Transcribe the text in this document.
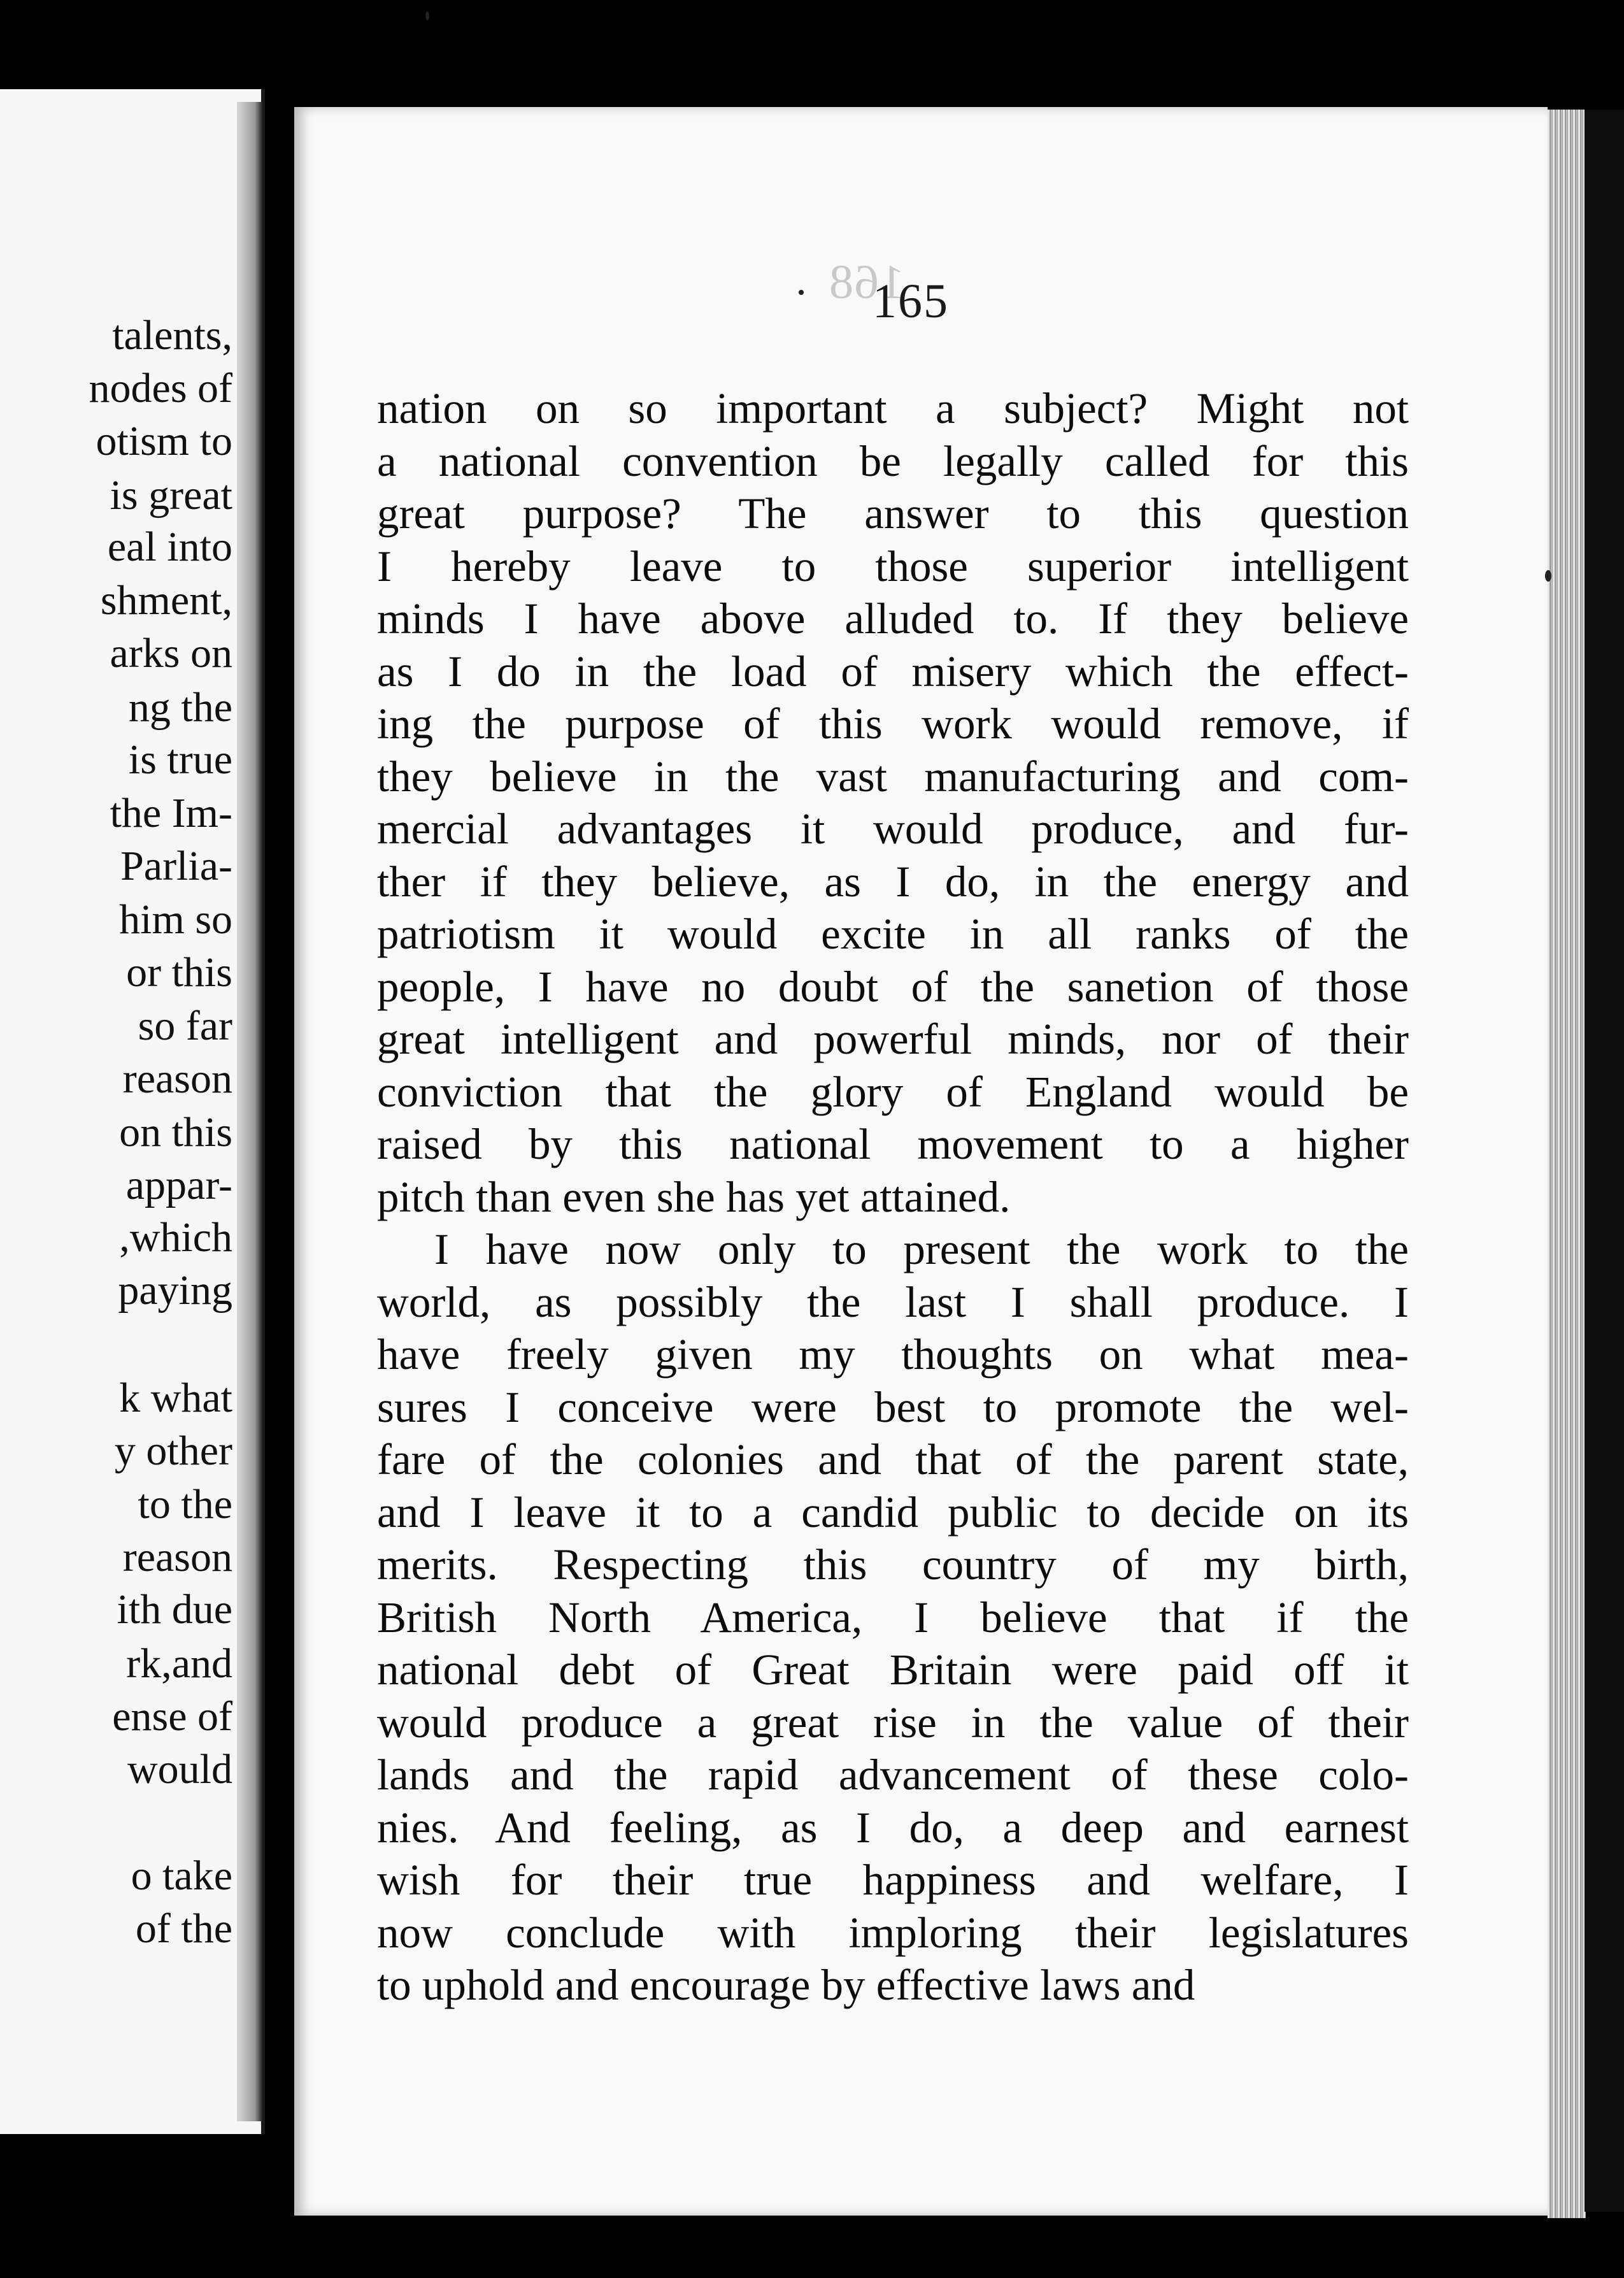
talents,
nodes of
otism to
is great
eal into
shment,
arks on
ng the
is true
the Im-
Parlia-
him so
or this
so far
reason
on this
appar-
,which
paying
k what
y other
to the
reason
ith due
rk,and
ense of
would
o take
of the
168
165
nation on so important a subject? Might not
a national convention be legally called for this
great purpose? The answer to this question
I hereby leave to those superior intelligent
minds I have above alluded to. If they believe
as I do in the load of misery which the effect-
ing the purpose of this work would remove, if
they believe in the vast manufacturing and com-
mercial advantages it would produce, and fur-
ther if they believe, as I do, in the energy and
patriotism it would excite in all ranks of the
people, I have no doubt of the sanetion of those
great intelligent and powerful minds, nor of their
conviction that the glory of England would be
raised by this national movement to a higher
pitch than even she has yet attained.
I have now only to present the work to the
world, as possibly the last I shall produce. I
have freely given my thoughts on what mea-
sures I conceive were best to promote the wel-
fare of the colonies and that of the parent state,
and I leave it to a candid public to decide on its
merits. Respecting this country of my birth,
British North America, I believe that if the
national debt of Great Britain were paid off it
would produce a great rise in the value of their
lands and the rapid advancement of these colo-
nies. And feeling, as I do, a deep and earnest
wish for their true happiness and welfare, I
now conclude with imploring their legislatures
to uphold and encourage by effective laws and
